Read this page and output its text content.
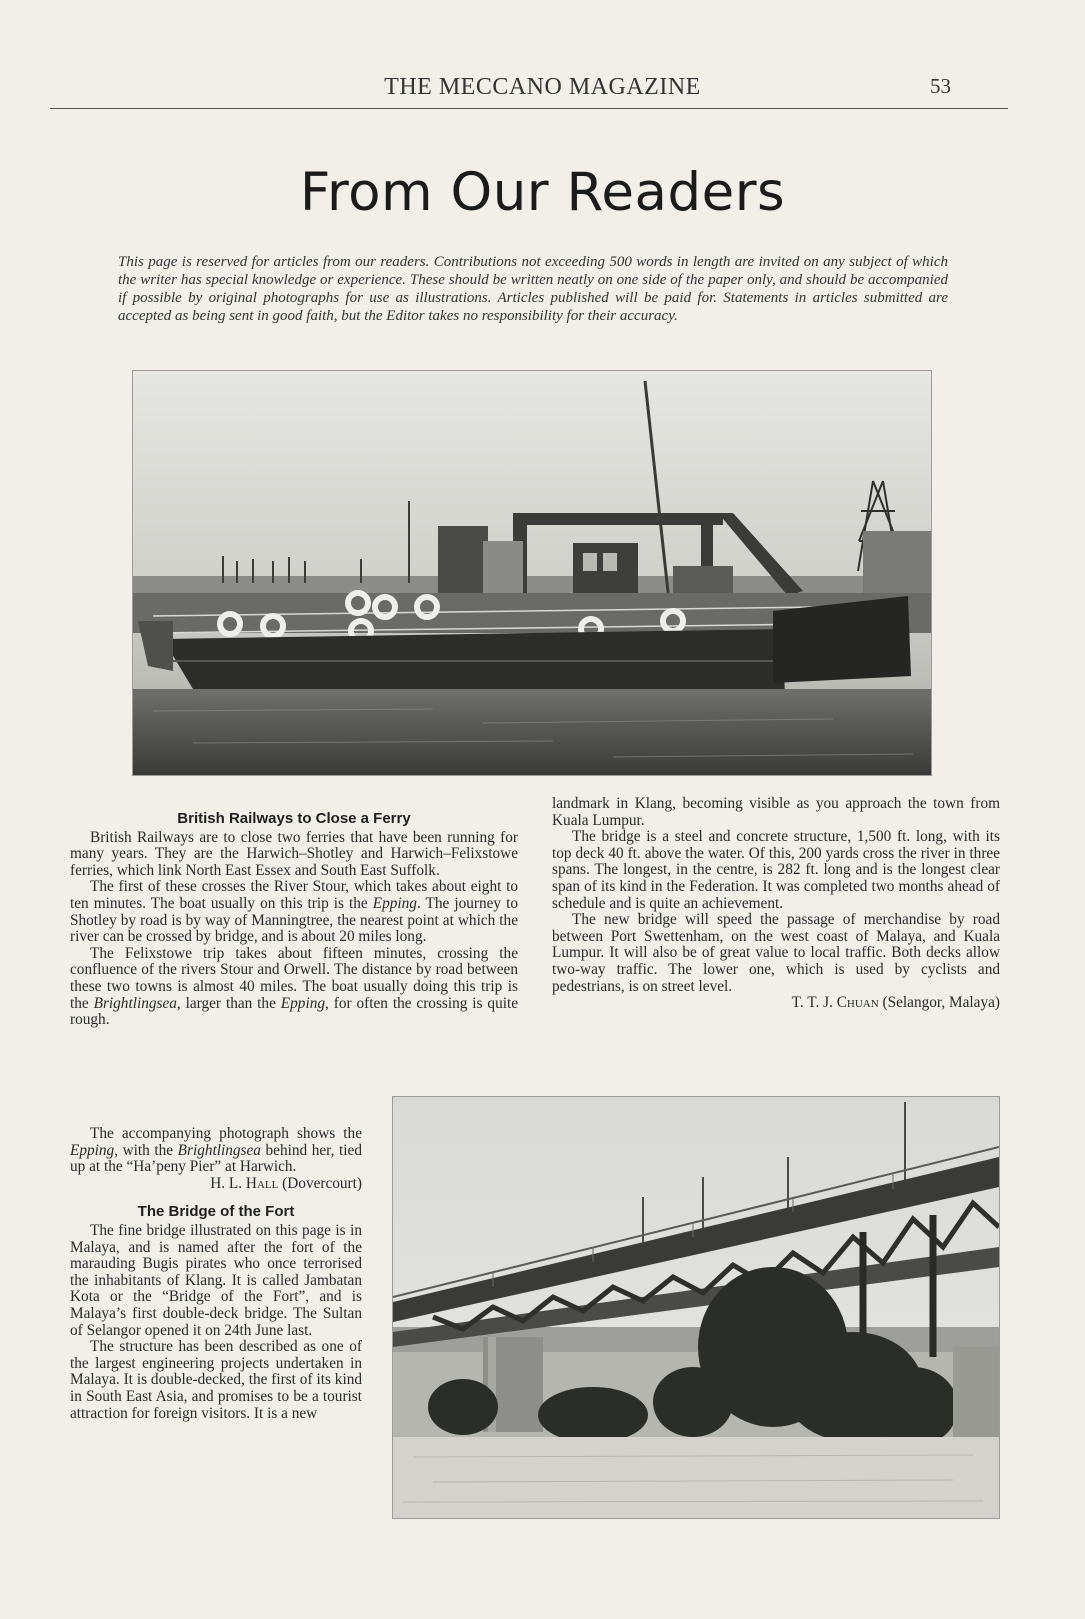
THE MECCANO MAGAZINE	53
From Our Readers
This page is reserved for articles from our readers. Contributions not exceeding 500 words in length are invited on any subject of which the writer has special knowledge or experience. These should be written neatly on one side of the paper only, and should be accompanied if possible by original photographs for use as illustrations. Articles published will be paid for. Statements in articles submitted are accepted as being sent in good faith, but the Editor takes no responsibility for their accuracy.
British Railways to Close a Ferry

British Railways are to close two ferries that have been running for many years. They are the Harwich–Shotley and Harwich–Felixstowe ferries, which link North East Essex and South East Suffolk.

The first of these crosses the River Stour, which takes about eight to ten minutes. The boat usually on this trip is the Epping. The journey to Shotley by road is by way of Manningtree, the nearest point at which the river can be crossed by bridge, and is about 20 miles long.

The Felixstowe trip takes about fifteen minutes, crossing the confluence of the rivers Stour and Orwell. The distance by road between these two towns is almost 40 miles. The boat usually doing this trip is the Brightlingsea, larger than the Epping, for often the crossing is quite rough.

The accompanying photograph shows the Epping, with the Brightlingsea behind her, tied up at the “Ha’peny Pier” at Harwich.

H. L. Hall (Dovercourt)

The Bridge of the Fort

The fine bridge illustrated on this page is in Malaya, and is named after the fort of the marauding Bugis pirates who once terrorised the inhabitants of Klang. It is called Jambatan Kota or the “Bridge of the Fort”, and is Malaya’s first double-deck bridge. The Sultan of Selangor opened it on 24th June last.

The structure has been described as one of the largest engineering projects undertaken in Malaya. It is double-decked, the first of its kind in South East Asia, and promises to be a tourist attraction for foreign visitors. It is a new

landmark in Klang, becoming visible as you approach the town from Kuala Lumpur.

The bridge is a steel and concrete structure, 1,500 ft. long, with its top deck 40 ft. above the water. Of this, 200 yards cross the river in three spans. The longest, in the centre, is 282 ft. long and is the longest clear span of its kind in the Federation. It was completed two months ahead of schedule and is quite an achievement.

The new bridge will speed the passage of merchandise by road between Port Swettenham, on the west coast of Malaya, and Kuala Lumpur. It will also be of great value to local traffic. Both decks allow two-way traffic. The lower one, which is used by cyclists and pedestrians, is on street level.

T. T. J. Chuan (Selangor, Malaya)
